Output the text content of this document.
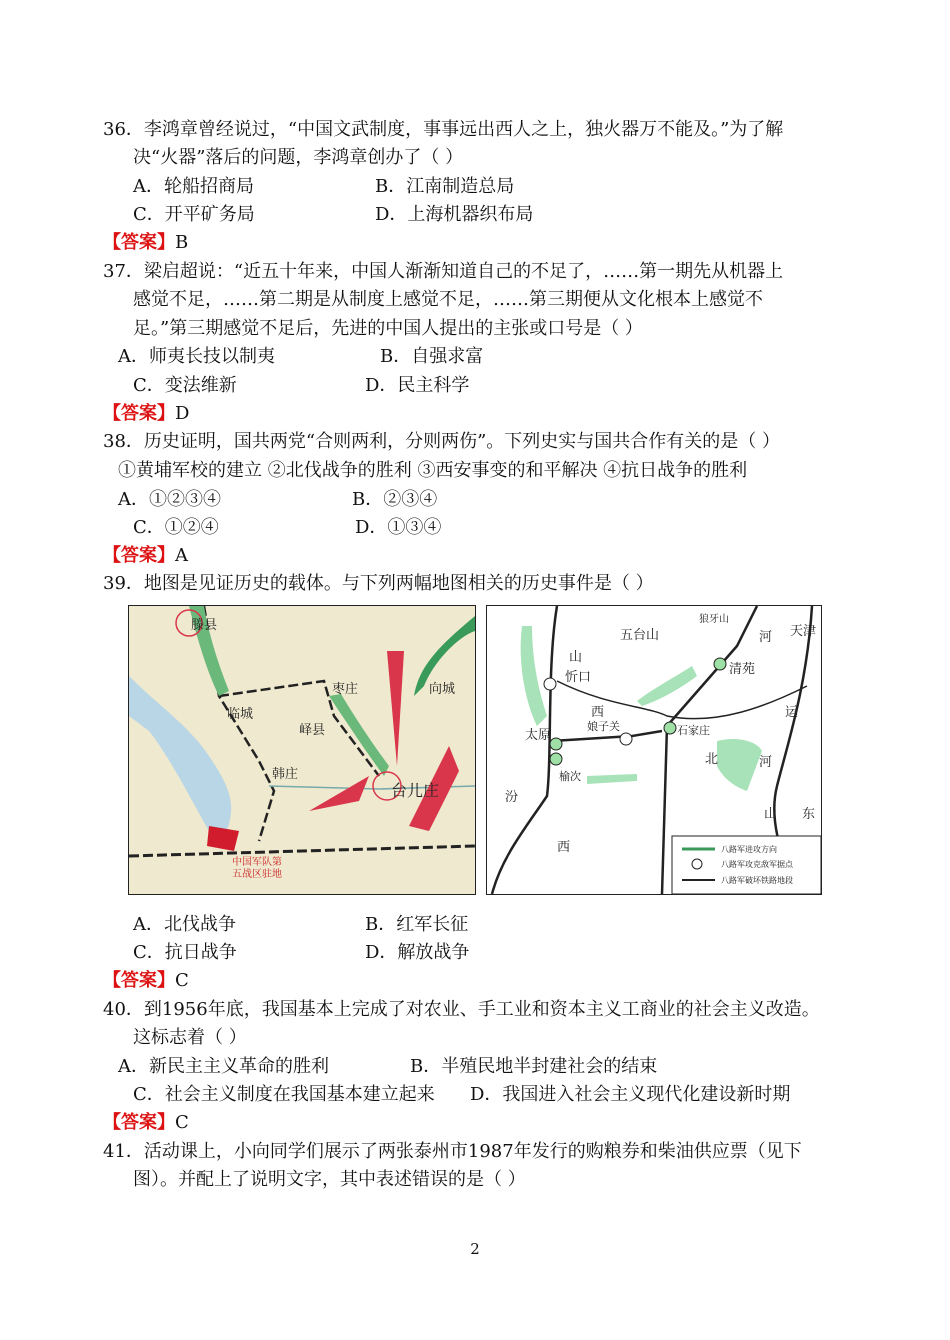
36．李鸿章曾经说过，“中国文武制度，事事远出西人之上，独火器万不能及。”为了解
决“火器”落后的问题，李鸿章创办了（ ）
A．轮船招商局	B．江南制造总局
C．开平矿务局	D．上海机器织布局
【答案】B
37．梁启超说：“近五十年来，中国人渐渐知道自己的不足了，……第一期先从机器上
感觉不足，……第二期是从制度上感觉不足，……第三期便从文化根本上感觉不
足。”第三期感觉不足后，先进的中国人提出的主张或口号是（ ）
A．师夷长技以制夷	B．自强求富
C．变法维新	D．民主科学
【答案】D
38．历史证明，国共两党“合则两利，分则两伤”。下列史实与国共合作有关的是（ ）
①黄埔军校的建立 ②北伐战争的胜利 ③西安事变的和平解决 ④抗日战争的胜利
A．①②③④	B．②③④
C．①②④	D．①③④
【答案】A
39．地图是见证历史的载体。与下列两幅地图相关的历史事件是（ ）
滕县
枣庄	向城
临城
峄县
韩庄
台儿庄
中国军队第
五战区驻地
五台山
狼牙山
天津
河
山
忻口
清苑
西
娘子关	石家庄
太原
北	河
榆次
汾
西
山 东
运
八路军进攻方向
八路军攻克敌军据点
八路军破坏铁路地段
A．北伐战争	B．红军长征
C．抗日战争	D．解放战争
【答案】C
40．到1956年底，我国基本上完成了对农业、手工业和资本主义工商业的社会主义改造。
这标志着（ ）
A．新民主主义革命的胜利	B．半殖民地半封建社会的结束
C．社会主义制度在我国基本建立起来 D．我国进入社会主义现代化建设新时期
【答案】C
41．活动课上，小向同学们展示了两张泰州市1987年发行的购粮券和柴油供应票（见下
图）。并配上了说明文字，其中表述错误的是（ ）
2
